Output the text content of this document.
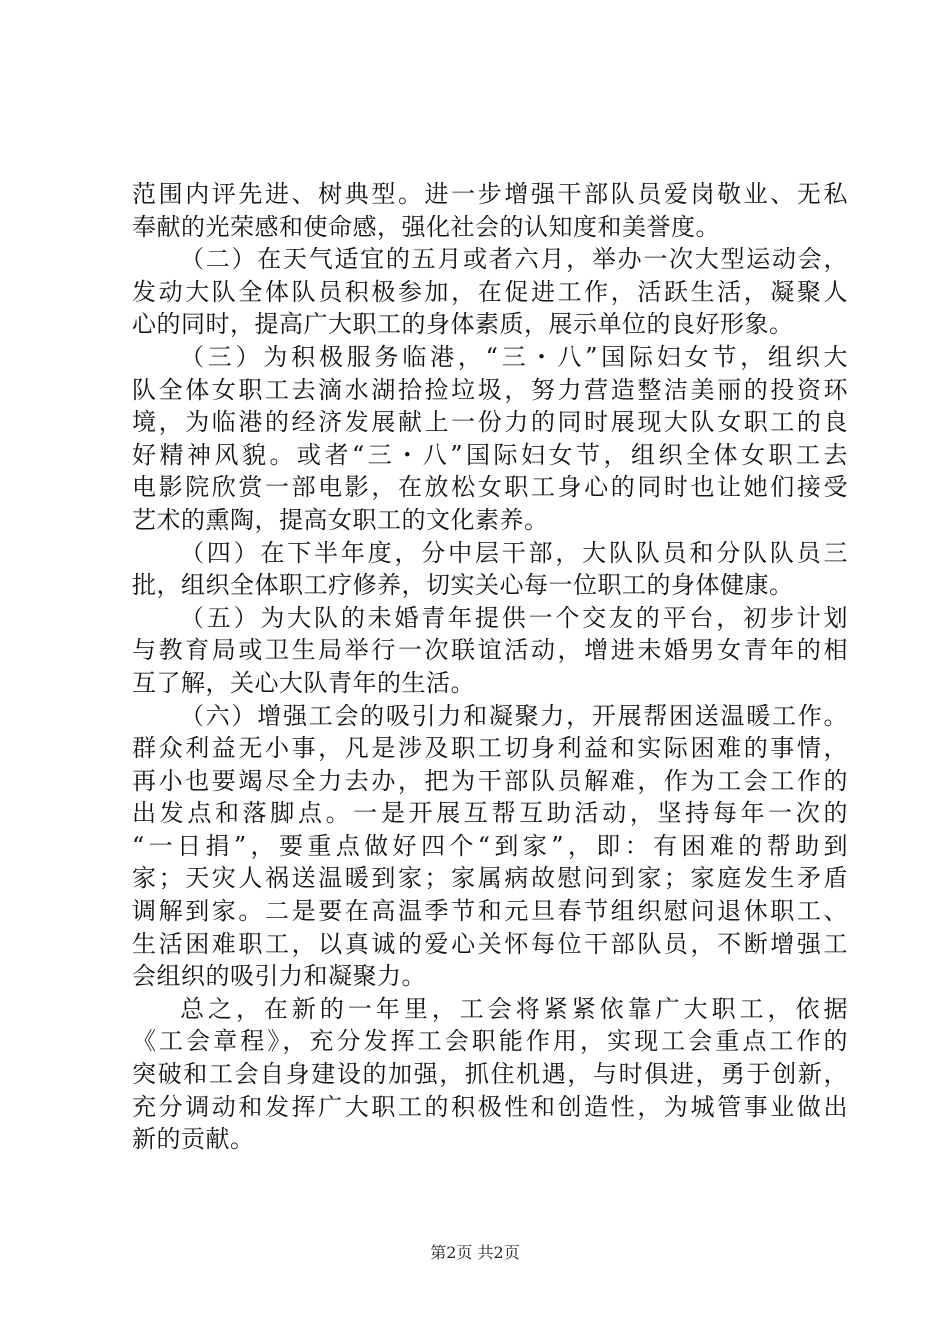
范围内评先进、树典型。进一步增强干部队员爱岗敬业、无私
奉献的光荣感和使命感，强化社会的认知度和美誉度。
（二）在天气适宜的五月或者六月，举办一次大型运动会，
发动大队全体队员积极参加，在促进工作，活跃生活，凝聚人
心的同时，提高广大职工的身体素质，展示单位的良好形象。
（三）为积极服务临港，“三・八”国际妇女节，组织大
队全体女职工去滴水湖拾捡垃圾，努力营造整洁美丽的投资环
境，为临港的经济发展献上一份力的同时展现大队女职工的良
好精神风貌。或者“三・八”国际妇女节，组织全体女职工去
电影院欣赏一部电影，在放松女职工身心的同时也让她们接受
艺术的熏陶，提高女职工的文化素养。
（四）在下半年度，分中层干部，大队队员和分队队员三
批，组织全体职工疗修养，切实关心每一位职工的身体健康。
（五）为大队的未婚青年提供一个交友的平台，初步计划
与教育局或卫生局举行一次联谊活动，增进未婚男女青年的相
互了解，关心大队青年的生活。
（六）增强工会的吸引力和凝聚力，开展帮困送温暖工作。
群众利益无小事，凡是涉及职工切身利益和实际困难的事情，
再小也要竭尽全力去办，把为干部队员解难，作为工会工作的
出发点和落脚点。一是开展互帮互助活动，坚持每年一次的
“一日捐”，要重点做好四个“到家”，即：有困难的帮助到
家；天灾人祸送温暖到家；家属病故慰问到家；家庭发生矛盾
调解到家。二是要在高温季节和元旦春节组织慰问退休职工、
生活困难职工，以真诚的爱心关怀每位干部队员，不断增强工
会组织的吸引力和凝聚力。
总之，在新的一年里，工会将紧紧依靠广大职工，依据
《工会章程》，充分发挥工会职能作用，实现工会重点工作的
突破和工会自身建设的加强，抓住机遇，与时俱进，勇于创新，
充分调动和发挥广大职工的积极性和创造性，为城管事业做出
新的贡献。
第2页 共2页
